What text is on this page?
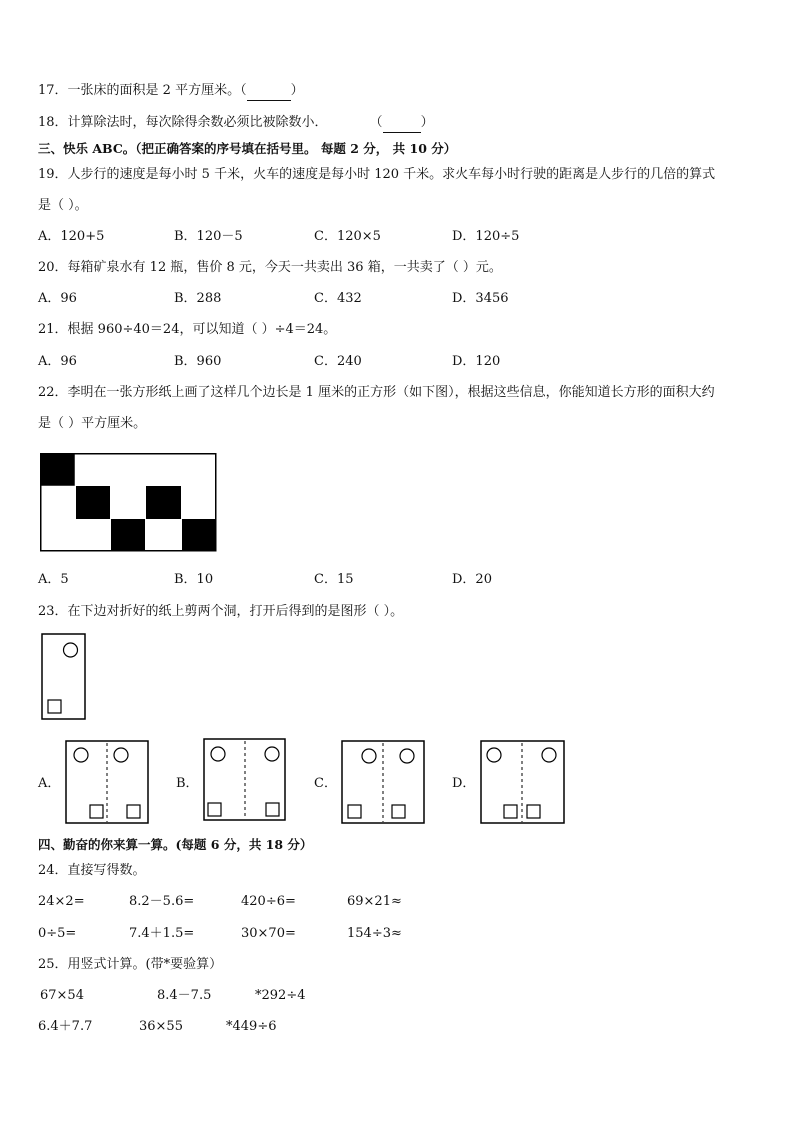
17．一张床的面积是 2 平方厘米。（	）
18．计算除法时，每次除得余数必须比被除数小．	（	）
三、快乐 ABC。（把正确答案的序号填在括号里。 每题 2 分， 共 10 分）
19．人步行的速度是每小时 5 千米，火车的速度是每小时 120 千米。求火车每小时行驶的距离是人步行的几倍的算式
是（ ）。
A．120+5	B．120－5	C．120×5	D．120÷5
20．每箱矿泉水有 12 瓶，售价 8 元，今天一共卖出 36 箱，一共卖了（ ）元。
A．96	B．288	C．432	D．3456
21．根据 960÷40＝24，可以知道（ ）÷4＝24。
A．96	B．960	C．240	D．120
22．李明在一张方形纸上画了这样几个边长是 1 厘米的正方形（如下图），根据这些信息，你能知道长方形的面积大约
是（ ）平方厘米。
A．5	B．10	C．15	D．20
23．在下边对折好的纸上剪两个洞，打开后得到的是图形（ ）。
A．	B．	C．	D．
四、勤奋的你来算一算。(每题 6 分，共 18 分）
24．直接写得数。
24×2=	8.2－5.6=	420÷6=	69×21≈
0÷5=	7.4＋1.5=	30×70=	154÷3≈
25．用竖式计算。(带*要验算）
67×54	8.4－7.5	*292÷4
6.4＋7.7	36×55	*449÷6
